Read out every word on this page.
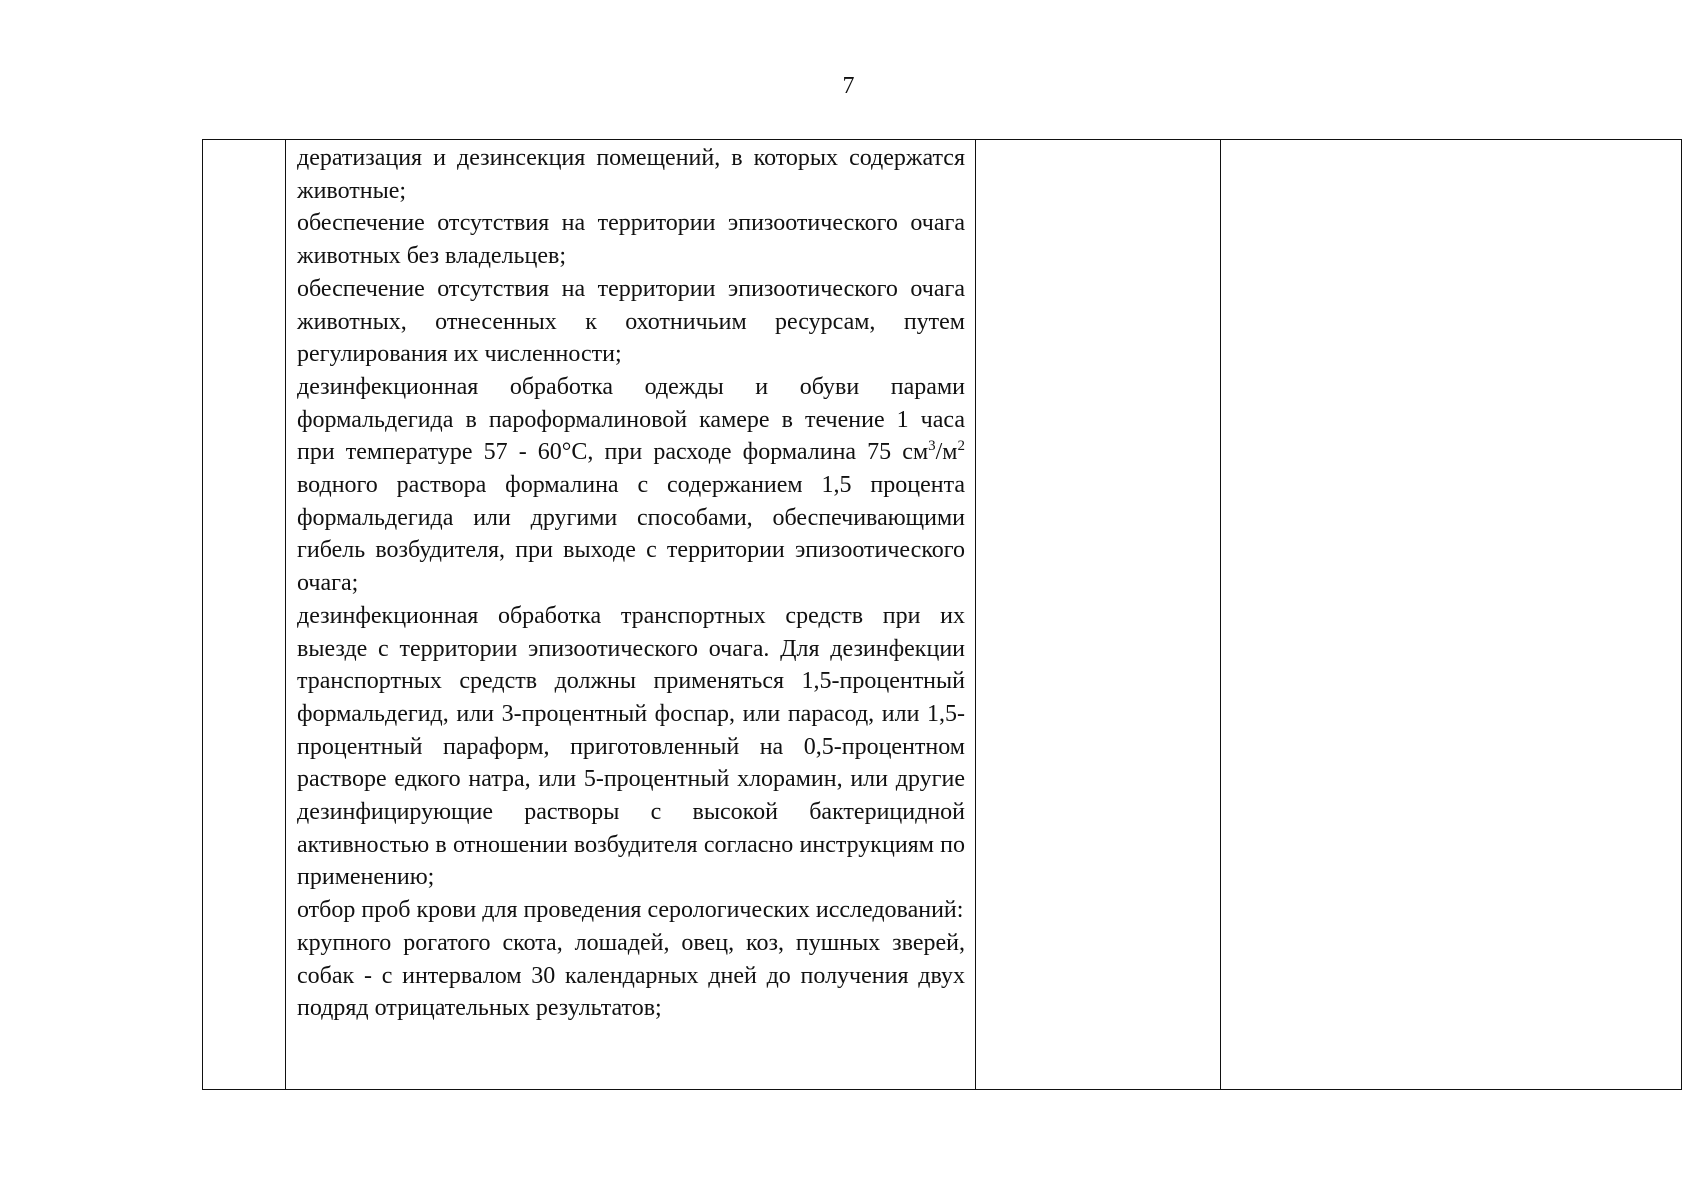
7

дератизация и дезинсекция помещений, в которых содержатся животные;

обеспечение отсутствия на территории эпизоотического очага животных без владельцев;

обеспечение отсутствия на территории эпизоотического очага животных, отнесенных к охотничьим ресурсам, путем регулирования их численности;

дезинфекционная обработка одежды и обуви парами формальдегида в пароформалиновой камере в течение 1 часа при температуре 57 - 60°С, при расходе формалина 75 $см^3/м^2$ водного раствора формалина с содержанием 1,5 процента формальдегида или другими способами, обеспечивающими гибель возбудителя, при выходе с территории эпизоотического очага;

дезинфекционная обработка транспортных средств при их выезде с территории эпизоотического очага. Для дезинфекции транспортных средств должны применяться 1,5-процентный формальдегид, или 3-процентный фоспар, или парасод, или 1,5-процентный параформ, приготовленный на 0,5-процентном растворе едкого натра, или 5-процентный хлорамин, или другие дезинфицирующие растворы с высокой бактерицидной активностью в отношении возбудителя согласно инструкциям по применению;

отбор проб крови для проведения серологических исследований:

крупного рогатого скота, лошадей, овец, коз, пушных зверей, собак - с интервалом 30 календарных дней до получения двух подряд отрицательных результатов;
